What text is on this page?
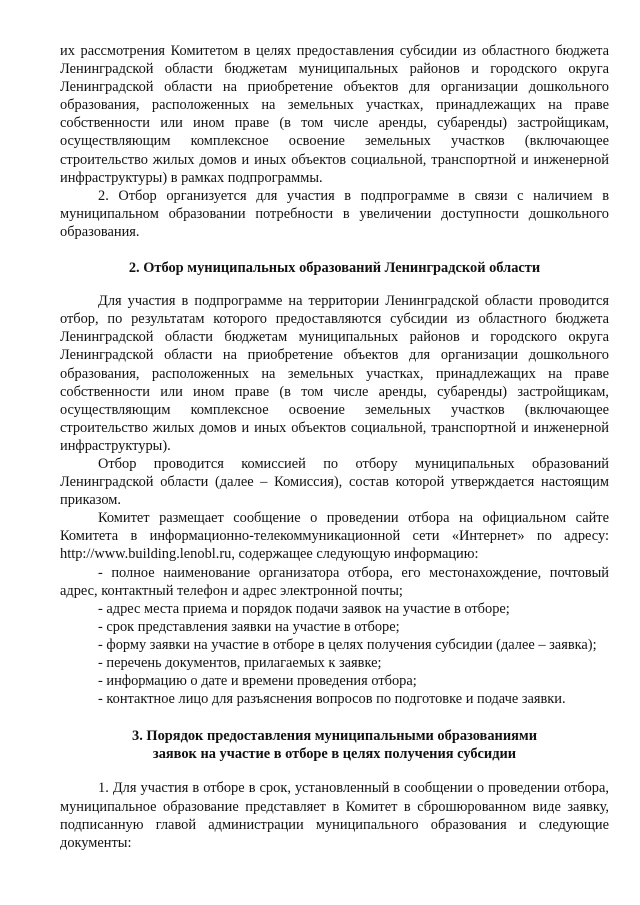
их рассмотрения Комитетом в целях предоставления субсидии из областного бюджета Ленинградской области бюджетам муниципальных районов и городского округа Ленинградской области на приобретение объектов для организации дошкольного образования, расположенных на земельных участках, принадлежащих на праве собственности или ином праве (в том числе аренды, субаренды) застройщикам, осуществляющим комплексное освоение земельных участков (включающее строительство жилых домов и иных объектов социальной, транспортной и инженерной инфраструктуры) в рамках подпрограммы.

2. Отбор организуется для участия в подпрограмме в связи с наличием в муниципальном образовании потребности в увеличении доступности дошкольного образования.

2. Отбор муниципальных образований Ленинградской области

Для участия в подпрограмме на территории Ленинградской области проводится отбор, по результатам которого предоставляются субсидии из областного бюджета Ленинградской области бюджетам муниципальных районов и городского округа Ленинградской области на приобретение объектов для организации дошкольного образования, расположенных на земельных участках, принадлежащих на праве собственности или ином праве (в том числе аренды, субаренды) застройщикам, осуществляющим комплексное освоение земельных участков (включающее строительство жилых домов и иных объектов социальной, транспортной и инженерной инфраструктуры).

Отбор проводится комиссией по отбору муниципальных образований Ленинградской области (далее – Комиссия), состав которой утверждается настоящим приказом.

Комитет размещает сообщение о проведении отбора на официальном сайте Комитета в информационно-телекоммуникационной сети «Интернет» по адресу: http://www.building.lenobl.ru, содержащее следующую информацию:

- полное наименование организатора отбора, его местонахождение, почтовый адрес, контактный телефон и адрес электронной почты;

- адрес места приема и порядок подачи заявок на участие в отборе;

- срок представления заявки на участие в отборе;

- форму заявки на участие в отборе в целях получения субсидии (далее – заявка);

- перечень документов, прилагаемых к заявке;

- информацию о дате и времени проведения отбора;

- контактное лицо для разъяснения вопросов по подготовке и подаче заявки.

3. Порядок предоставления муниципальными образованиями

заявок на участие в отборе в целях получения субсидии

1. Для участия в отборе в срок, установленный в сообщении о проведении отбора, муниципальное образование представляет в Комитет в сброшюрованном виде заявку, подписанную главой администрации муниципального образования и следующие документы:
